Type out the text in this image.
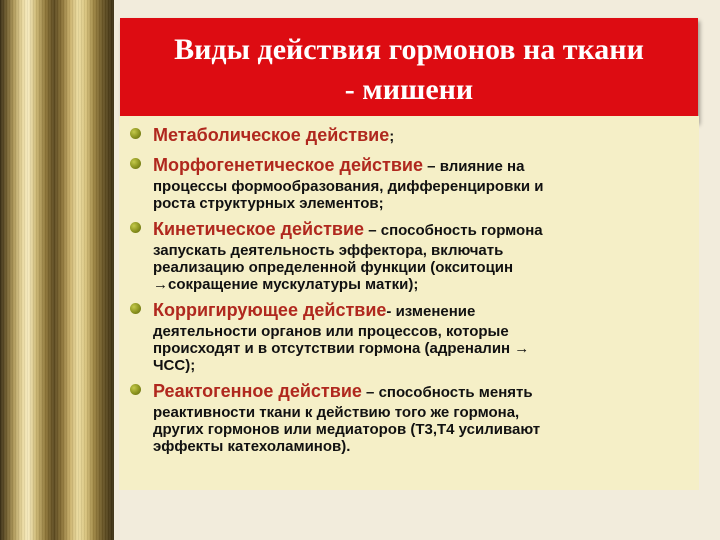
Виды действия гормонов на ткани
- мишени
Метаболическое действие;
Морфогенетическое действие – влияние на
процессы формообразования, дифференцировки и
роста структурных элементов;
Кинетическое действие – способность гормона
запускать деятельность эффектора, включать
реализацию определенной функции (окситоцин
→сокращение мускулатуры матки);
Корригирующее действие- изменение
деятельности органов или процессов, которые
происходят и в отсутствии гормона (адреналин →
ЧСС);
Реактогенное действие – способность менять
реактивности ткани к действию того же гормона,
других гормонов или медиаторов (Т3,Т4 усиливают
эффекты катехоламинов).
